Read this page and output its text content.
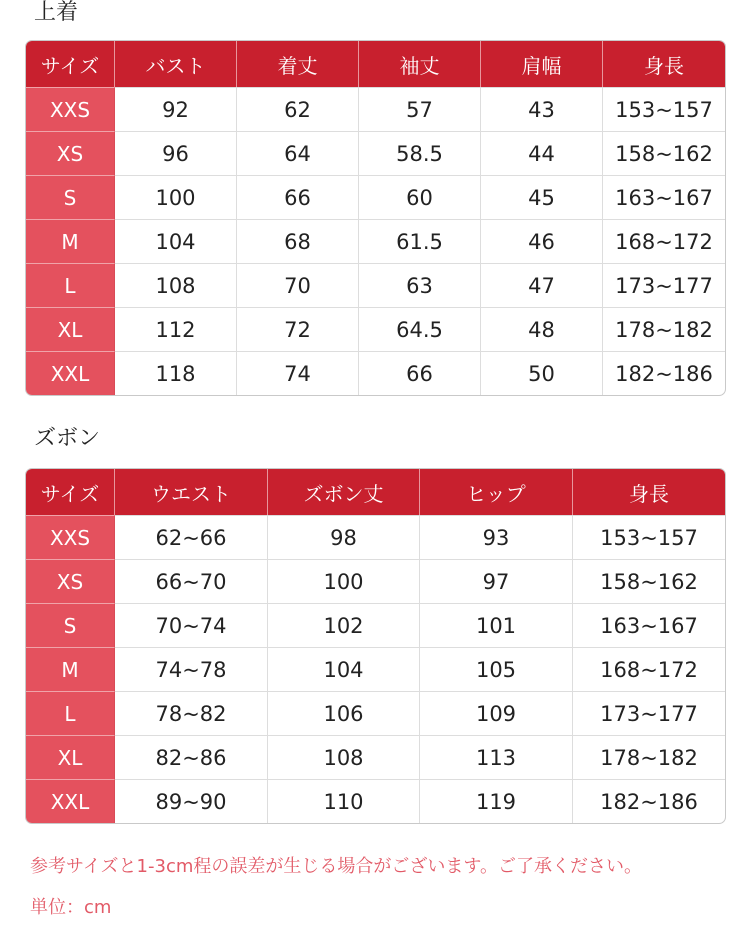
上着
サイズ	バスト	着丈	袖丈	肩幅	身長
XXS	92	62	57	43	153~157
XS	96	64	58.5	44	158~162
S	100	66	60	45	163~167
M	104	68	61.5	46	168~172
L	108	70	63	47	173~177
XL	112	72	64.5	48	178~182
XXL	118	74	66	50	182~186
ズボン
サイズ	ウエスト	ズボン丈	ヒップ	身長
XXS	62~66	98	93	153~157
XS	66~70	100	97	158~162
S	70~74	102	101	163~167
M	74~78	104	105	168~172
L	78~82	106	109	173~177
XL	82~86	108	113	178~182
XXL	89~90	110	119	182~186
参考サイズと1-3cm程の誤差が生じる場合がございます。ご了承ください。
単位：cm
